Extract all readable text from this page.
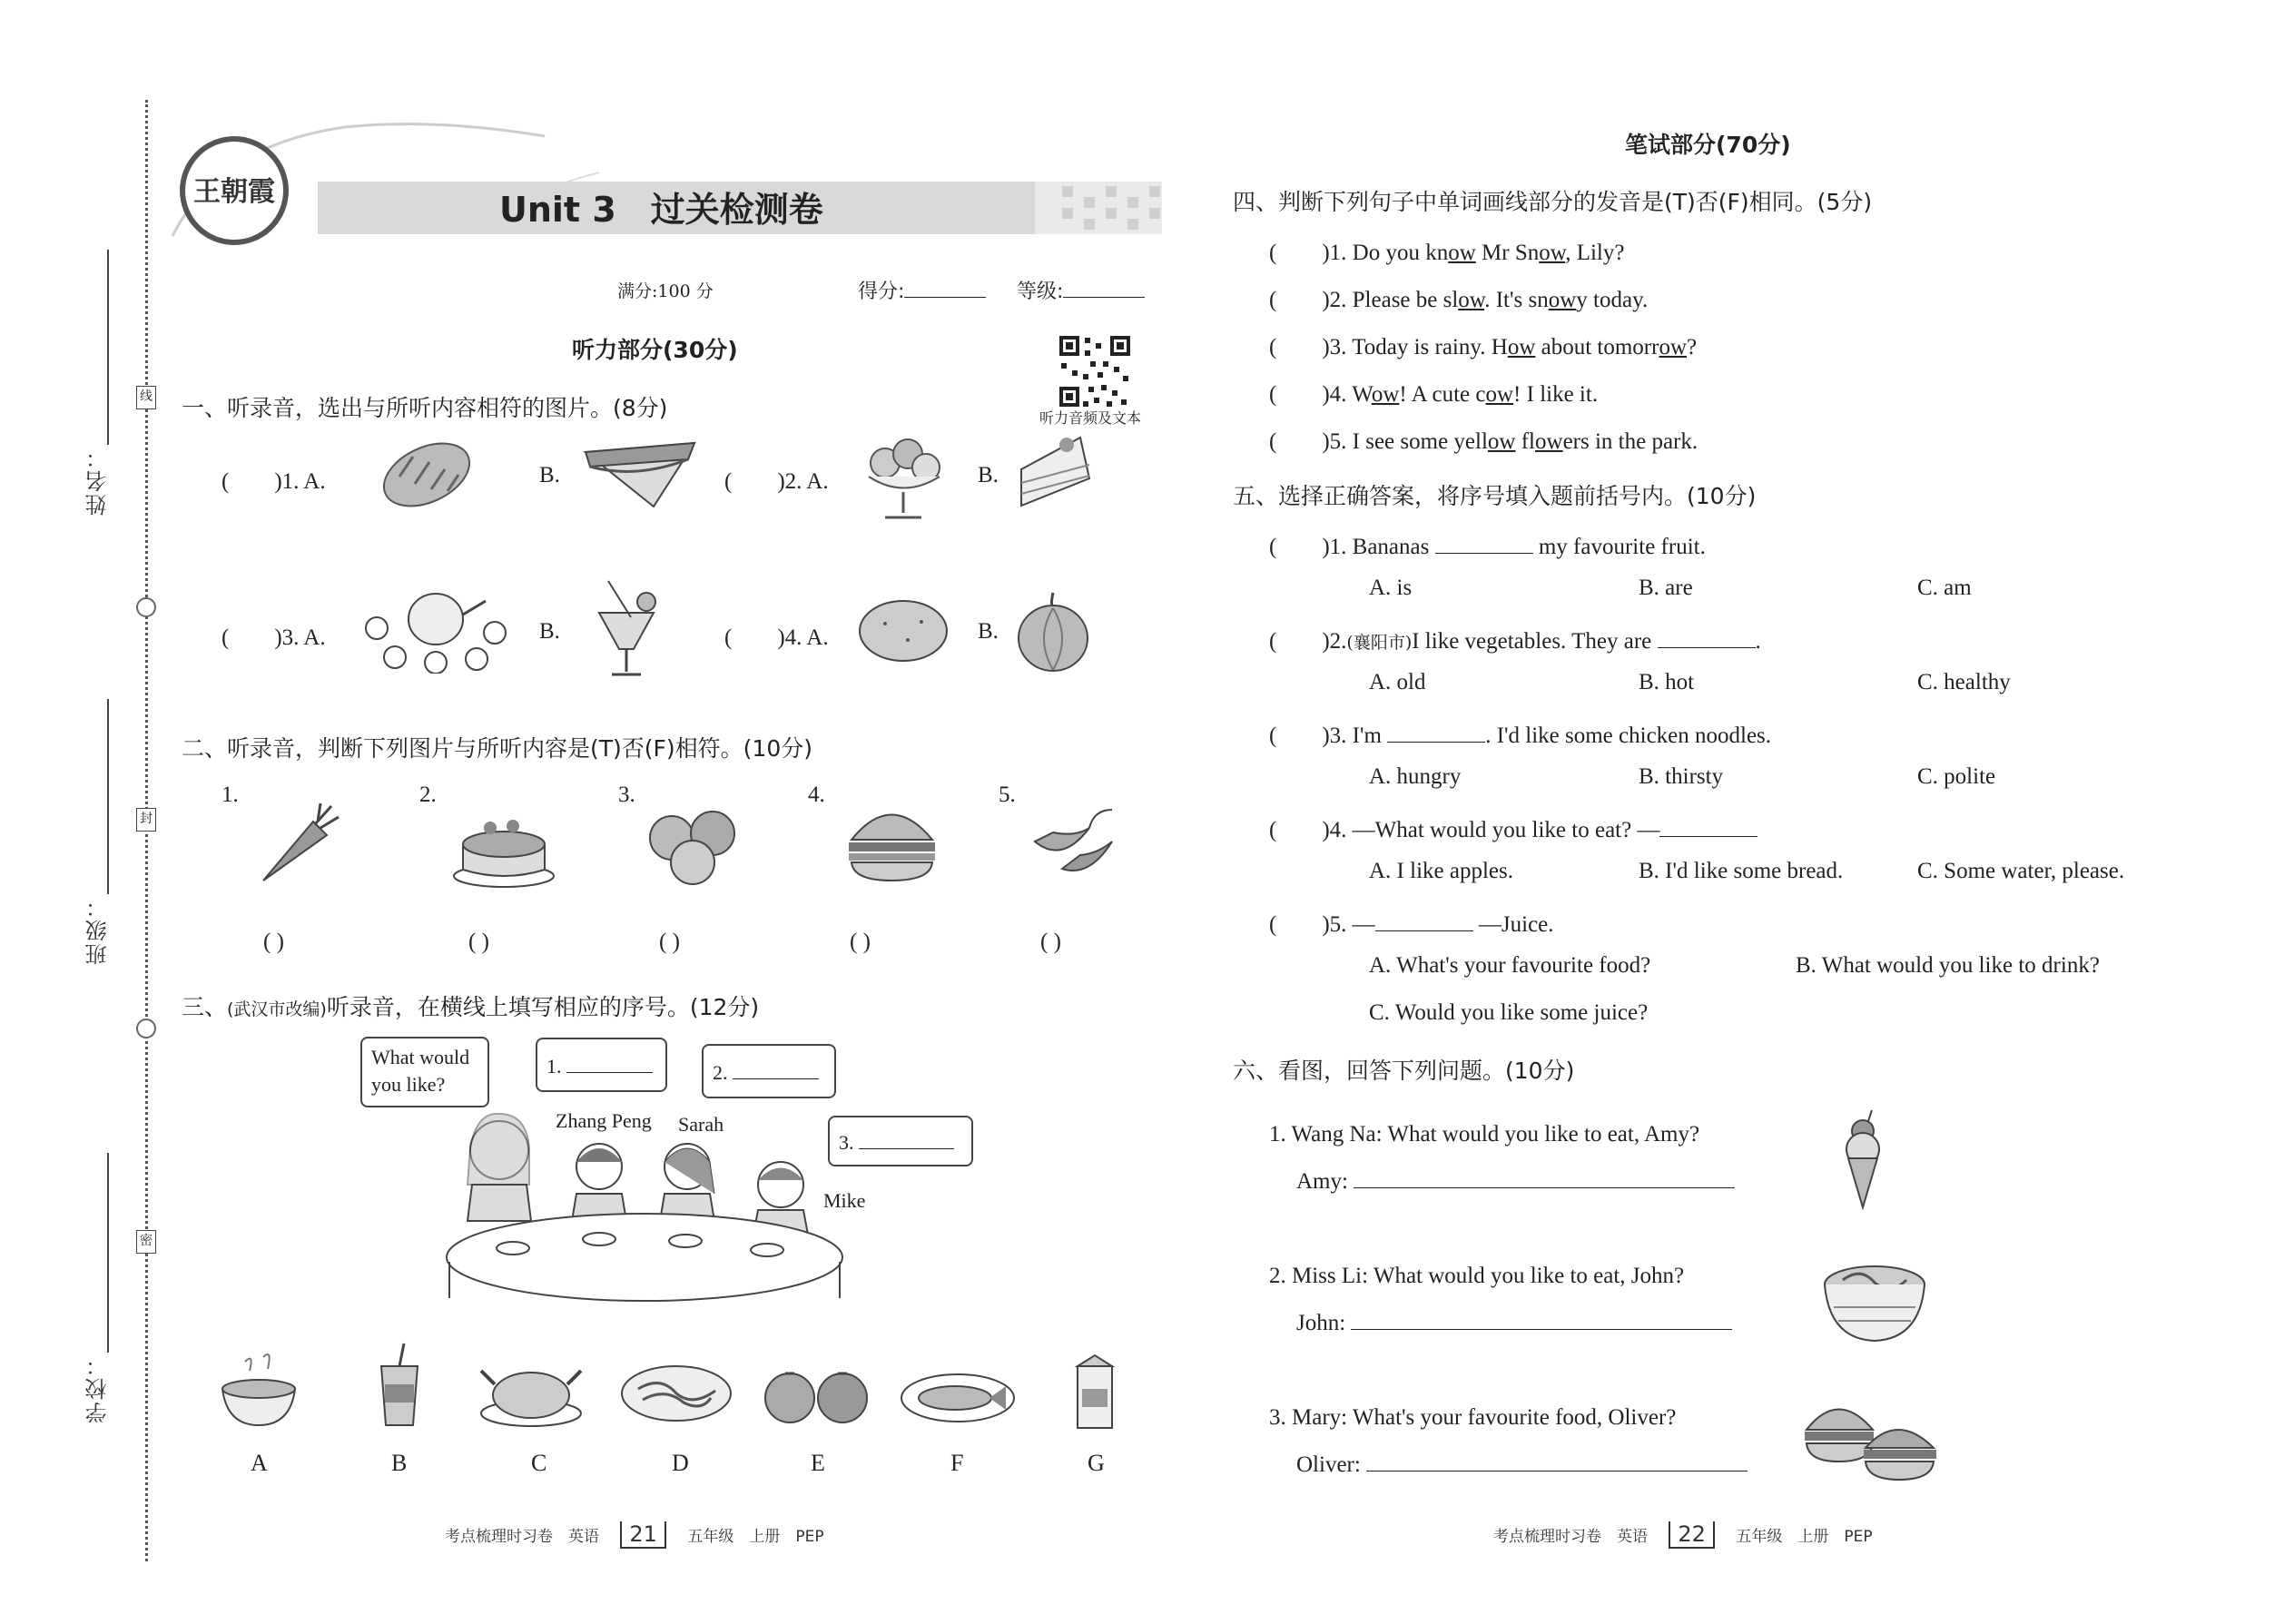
姓名：
班级：
学校：
线
封
密
王朝霞	Unit 3　过关检测卷
满分:100 分	得分:	等级:
听力部分(30分)
听力音频及文本
一、听录音，选出与所听内容相符的图片。(8分)
(　　)1. A.	B.	(　　)2. A.	B.
(　　)3. A.	B.	(　　)4. A.	B.
二、听录音，判断下列图片与所听内容是(T)否(F)相符。(10分)
1.	2.	3.	4.	5.
( )	( )	( )	( )	( )
三、(武汉市改编)听录音，在横线上填写相应的序号。(12分)
What would you like?
1.	2.
3.
Zhang Peng Sarah
Mike
A	B	C	D	E	F	G
考点梳理时习卷　 英语 21 五年级　 上册　 PEP
笔试部分(70分)
四、判断下列句子中单词画线部分的发音是(T)否(F)相同。(5分)
(　　)1. Do you know Mr Snow, Lily?
(　　)2. Please be slow. It's snowy today.
(　　)3. Today is rainy. How about tomorrow?
(　　)4. Wow! A cute cow! I like it.
(　　)5. I see some yellow flowers in the park.
五、选择正确答案，将序号填入题前括号内。(10分)
(　　)1. Bananas	my favourite fruit.
A. is	B. are	C. am
(　　)2.(襄阳市)I like vegetables. They are	.
A. old	B. hot	C. healthy
(　　)3. I'm	. I'd like some chicken noodles.
A. hungry	B. thirsty	C. polite
(　　)4. —What would you like to eat? —
A. I like apples.	B. I'd like some bread.	C. Some water, please.
(　　)5. —	—Juice.
A. What's your favourite food?	B. What would you like to drink?
C. Would you like some juice?
六、看图，回答下列问题。(10分)
1. Wang Na: What would you like to eat, Amy?
Amy:
2. Miss Li: What would you like to eat, John?
John:
3. Mary: What's your favourite food, Oliver?
Oliver:
考点梳理时习卷　 英语 22 五年级　 上册　 PEP
